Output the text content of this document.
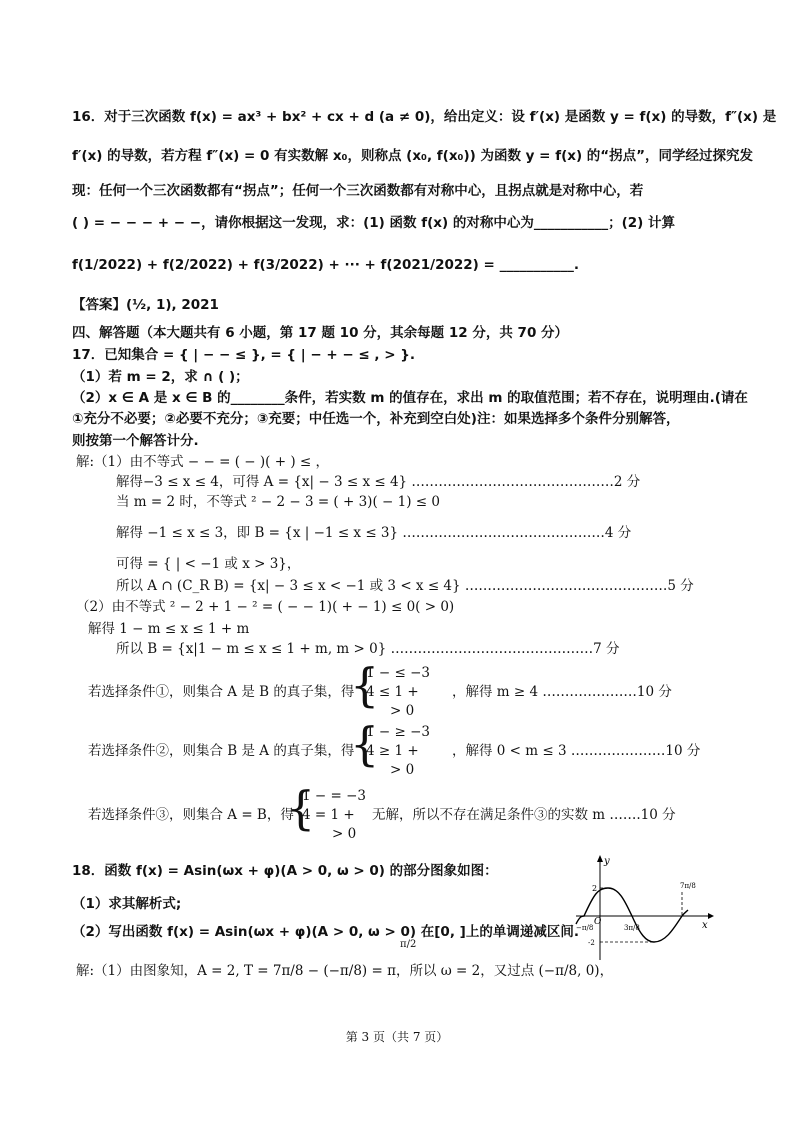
16．对于三次函数 f(x) = ax³ + bx² + cx + d (a ≠ 0)，给出定义：设 f′(x) 是函数 y = f(x) 的导数，f″(x) 是
f′(x) 的导数，若方程 f″(x) = 0 有实数解 x₀，则称点 (x₀, f(x₀)) 为函数 y = f(x) 的“拐点”，同学经过探究发
现：任何一个三次函数都有“拐点”；任何一个三次函数都有对称中心，且拐点就是对称中心，若
( ) = − − − + − −，请你根据这一发现，求：(1) 函数 f(x) 的对称中心为___________；(2) 计算
f(1/2022) + f(2/2022) + f(3/2022) + ··· + f(2021/2022) = ___________.
【答案】(½, 1), 2021
四、解答题（本大题共有 6 小题，第 17 题 10 分，其余每题 12 分，共 70 分）
17．已知集合 = { | − − ≤ }, = { | − + − ≤ , > }.
（1）若 m = 2，求 ∩ ( )；
（2）x ∈ A 是 x ∈ B 的________条件，若实数 m 的值存在，求出 m 的取值范围；若不存在，说明理由.(请在
①充分不必要；②必要不充分；③充要；中任选一个，补充到空白处)注：如果选择多个条件分别解答，
则按第一个解答计分.
解:（1）由不等式 − − = ( − )( + ) ≤ ，
解得−3 ≤ x ≤ 4，可得 A = {x| − 3 ≤ x ≤ 4} ………………………………………2 分
当 m = 2 时，不等式 ² − 2 − 3 = ( + 3)( − 1) ≤ 0
解得 −1 ≤ x ≤ 3，即 B = {x | −1 ≤ x ≤ 3} ………………………………………4 分
可得 = { | < −1 或 x > 3}，
所以 A ∩ (C_R B) = {x| − 3 ≤ x < −1 或 3 < x ≤ 4} ………………………………………5 分
（2）由不等式 ² − 2 + 1 − ² = ( − − 1)( + − 1) ≤ 0( > 0)
解得 1 − m ≤ x ≤ 1 + m
所以 B = {x|1 − m ≤ x ≤ 1 + m, m > 0} ………………………………………7 分
若选择条件①，则集合 A 是 B 的真子集，得
{
1 − ≤ −3
4 ≤ 1 +
> 0
，解得 m ≥ 4 …………………10 分
若选择条件②，则集合 B 是 A 的真子集，得
{
1 − ≥ −3
4 ≥ 1 +
> 0
，解得 0 < m ≤ 3 …………………10 分
若选择条件③，则集合 A = B，得
{
1 − = −3
4 = 1 +
> 0
无解，所以不存在满足条件③的实数 m …….10 分
18．函数 f(x) = Asin(ωx + φ)(A > 0, ω > 0) 的部分图象如图：
（1）求其解析式;
（2）写出函数 f(x) = Asin(ωx + φ)(A > 0, ω > 0) 在[0, ]上的单调递减区间.
π/2
解:（1）由图象知，A = 2, T = 7π/8 − (−π/8) = π，所以 ω = 2，又过点 (−π/8, 0)，
y
x
O
2
-2
−π/8	3π/8
7π/8
第 3 页（共 7 页）
